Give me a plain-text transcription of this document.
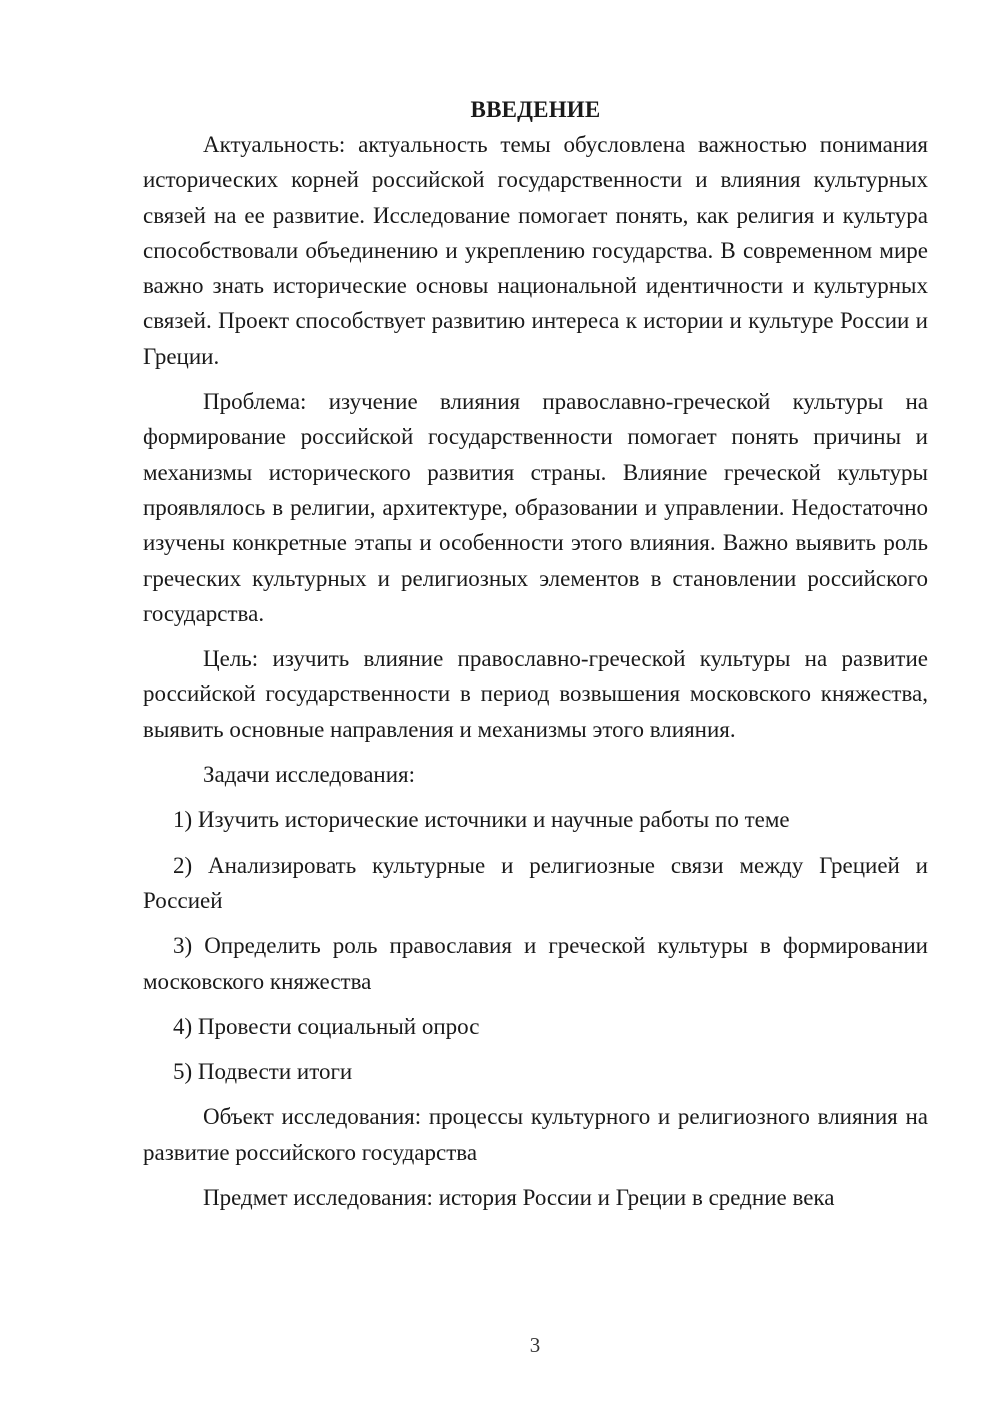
ВВЕДЕНИЕ

Актуальность: актуальность темы обусловлена важностью понимания исторических корней российской государственности и влияния культурных связей на ее развитие. Исследование помогает понять, как религия и культура способствовали объединению и укреплению государства. В современном мире важно знать исторические основы национальной идентичности и культурных связей. Проект способствует развитию интереса к истории и культуре России и Греции.

Проблема: изучение влияния православно-греческой культуры на формирование российской государственности помогает понять причины и механизмы исторического развития страны. Влияние греческой культуры проявлялось в религии, архитектуре, образовании и управлении. Недостаточно изучены конкретные этапы и особенности этого влияния. Важно выявить роль греческих культурных и религиозных элементов в становлении российского государства.

Цель: изучить влияние православно-греческой культуры на развитие российской государственности в период возвышения московского княжества, выявить основные направления и механизмы этого влияния.

Задачи исследования:

1) Изучить исторические источники и научные работы по теме

2) Анализировать культурные и религиозные связи между Грецией и Россией

3) Определить роль православия и греческой культуры в формировании московского княжества

4) Провести социальный опрос

5) Подвести итоги

Объект исследования: процессы культурного и религиозного влияния на развитие российского государства

Предмет исследования: история России и Греции в средние века

3
